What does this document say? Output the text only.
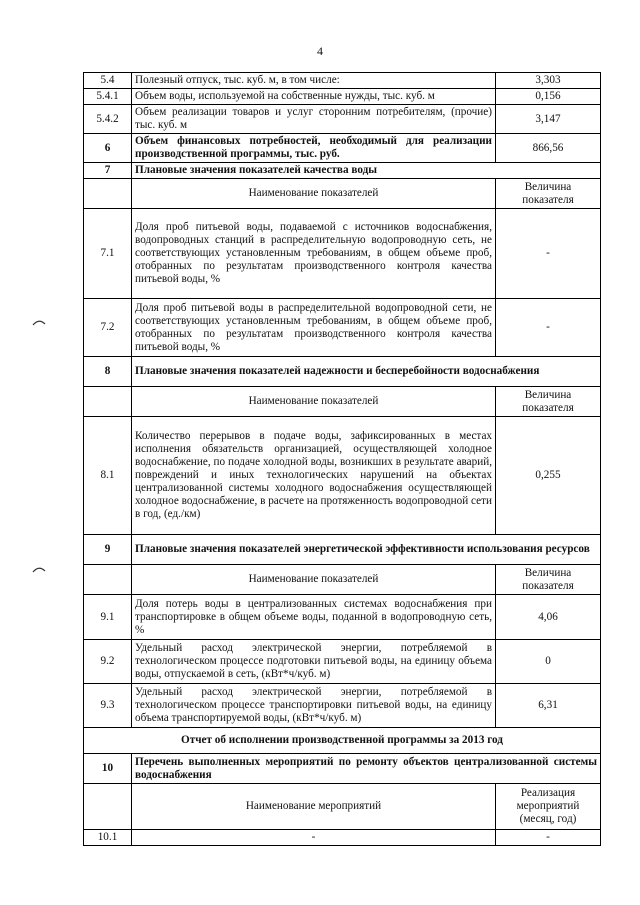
4
5.4	Полезный отпуск, тыс. куб. м, в том числе:	3,303
5.4.1	Объем воды, используемой на собственные нужды, тыс. куб. м	0,156
5.4.2	Объем реализации товаров и услуг сторонним потребителям, (прочие) тыс. куб. м	3,147
6	Объем финансовых потребностей, необходимый для реализации производственной программы, тыс. руб.	866,56
7	Плановые значения показателей качества воды	
	Наименование показателей	Величина показателя
7.1	Доля проб питьевой воды, подаваемой с источников водоснабжения, водопроводных станций в распределительную водопроводную сеть, не соответствующих установленным требованиям, в общем объеме проб, отобранных по результатам производственного контроля качества питьевой воды, %	-
7.2	Доля проб питьевой воды в распределительной водопроводной сети, не соответствующих установленным требованиям, в общем объеме проб, отобранных по результатам производственного контроля качества питьевой воды, %	-
8	Плановые значения показателей надежности и бесперебойности водоснабжения	
	Наименование показателей	Величина показателя
8.1	Количество перерывов в подаче воды, зафиксированных в местах исполнения обязательств организацией, осуществляющей холодное водоснабжение, по подаче холодной воды, возникших в результате аварий, повреждений и иных технологических нарушений на объектах централизованной системы холодного водоснабжения осуществляющей холодное водоснабжение, в расчете на протяженность водопроводной сети в год, (ед./км)	0,255
9	Плановые значения показателей энергетической эффективности использования ресурсов	
	Наименование показателей	Величина показателя
9.1	Доля потерь воды в централизованных системах водоснабжения при транспортировке в общем объеме воды, поданной в водопроводную сеть, %	4,06
9.2	Удельный расход электрической энергии, потребляемой в технологическом процессе подготовки питьевой воды, на единицу объема воды, отпускаемой в сеть, (кВт*ч/куб. м)	0
9.3	Удельный расход электрической энергии, потребляемой в технологическом процессе транспортировки питьевой воды, на единицу объема транспортируемой воды, (кВт*ч/куб. м)	6,31
Отчет об исполнении производственной программы за 2013 год		
10	Перечень выполненных мероприятий по ремонту объектов централизованной системы водоснабжения	
	Наименование мероприятий	Реализация мероприятий (месяц, год)
10.1	-	-
